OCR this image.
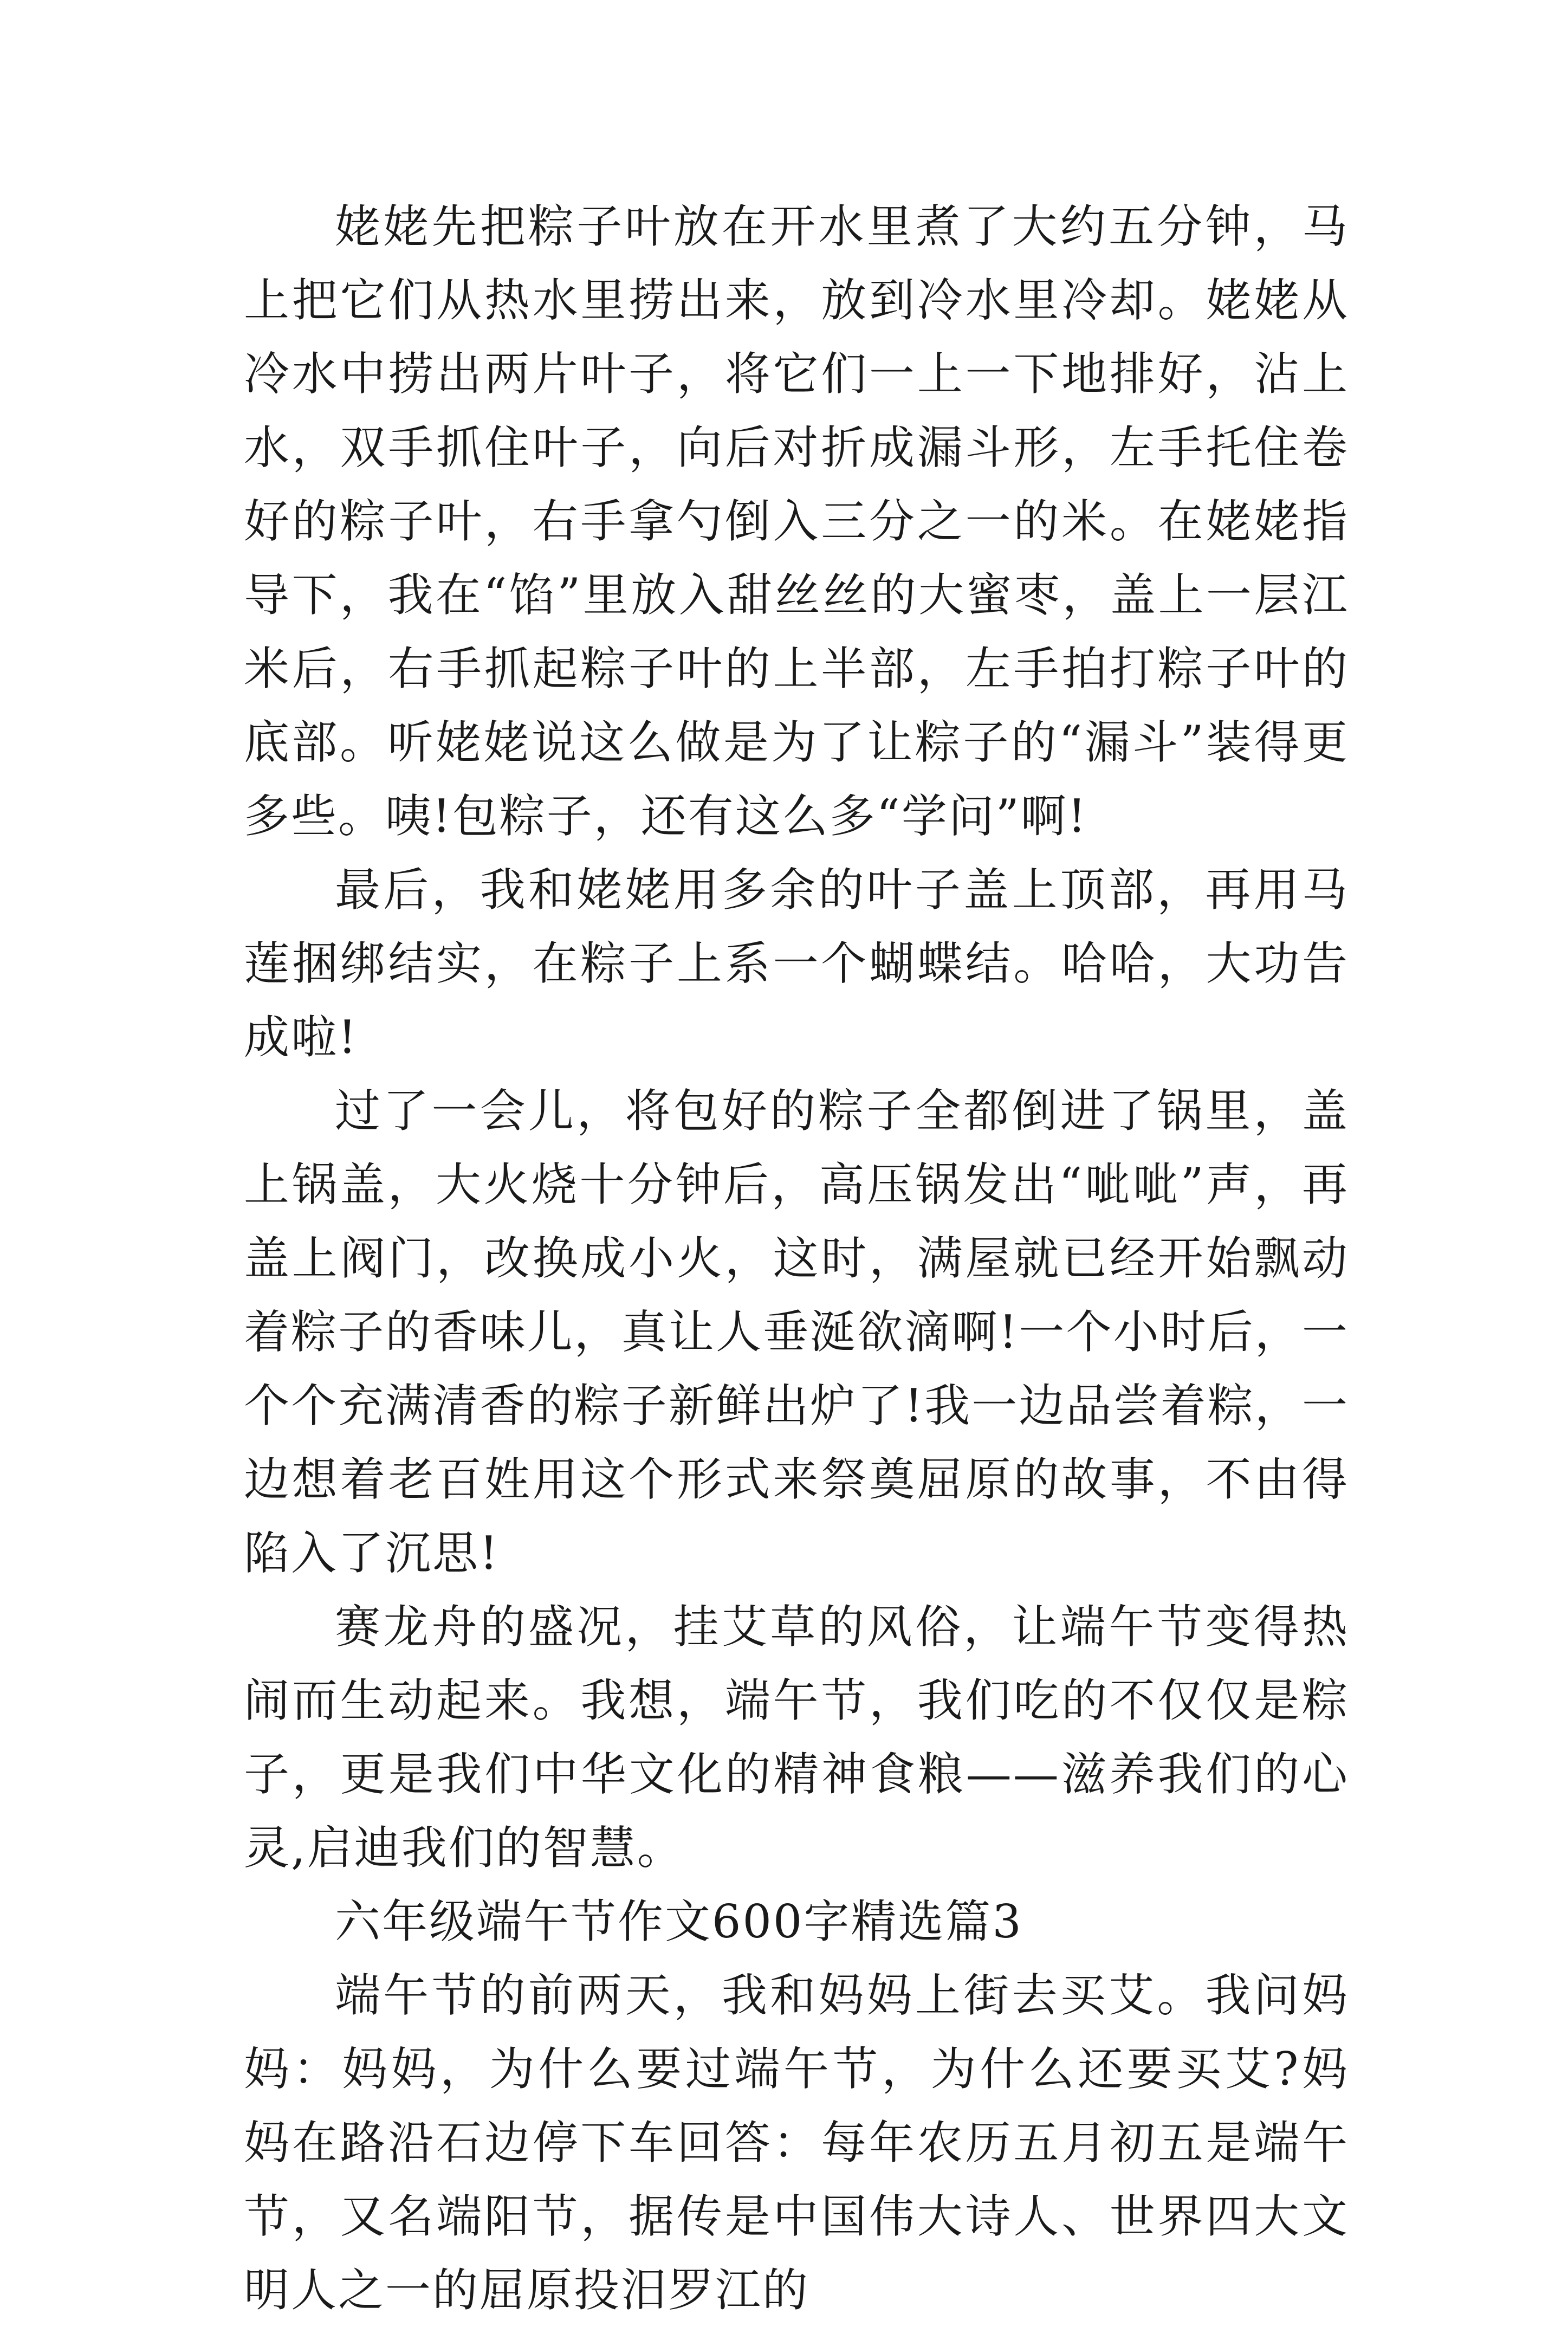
姥姥先把粽子叶放在开水里煮了大约五分钟，马上把它们从热水里捞出来，放到冷水里冷却。姥姥从冷水中捞出两片叶子，将它们一上一下地排好，沾上水，双手抓住叶子，向后对折成漏斗形，左手托住卷好的粽子叶，右手拿勺倒入三分之一的米。在姥姥指导下，我在“馅”里放入甜丝丝的大蜜枣，盖上一层江米后，右手抓起粽子叶的上半部，左手拍打粽子叶的底部。听姥姥说这么做是为了让粽子的“漏斗”装得更多些。咦!包粽子，还有这么多“学问”啊!

最后，我和姥姥用多余的叶子盖上顶部，再用马莲捆绑结实，在粽子上系一个蝴蝶结。哈哈，大功告成啦!

过了一会儿，将包好的粽子全都倒进了锅里，盖上锅盖，大火烧十分钟后，高压锅发出“呲呲”声，再盖上阀门，改换成小火，这时，满屋就已经开始飘动着粽子的香味儿，真让人垂涎欲滴啊!一个小时后，一个个充满清香的粽子新鲜出炉了!我一边品尝着粽，一边想着老百姓用这个形式来祭奠屈原的故事，不由得陷入了沉思!

赛龙舟的盛况，挂艾草的风俗，让端午节变得热闹而生动起来。我想，端午节，我们吃的不仅仅是粽子，更是我们中华文化的精神食粮——滋养我们的心灵,启迪我们的智慧。

六年级端午节作文600字精选篇3

端午节的前两天，我和妈妈上街去买艾。我问妈妈：妈妈，为什么要过端午节，为什么还要买艾?妈妈在路沿石边停下车回答：每年农历五月初五是端午节，又名端阳节，据传是中国伟大诗人、世界四大文明人之一的屈原投汨罗江的
